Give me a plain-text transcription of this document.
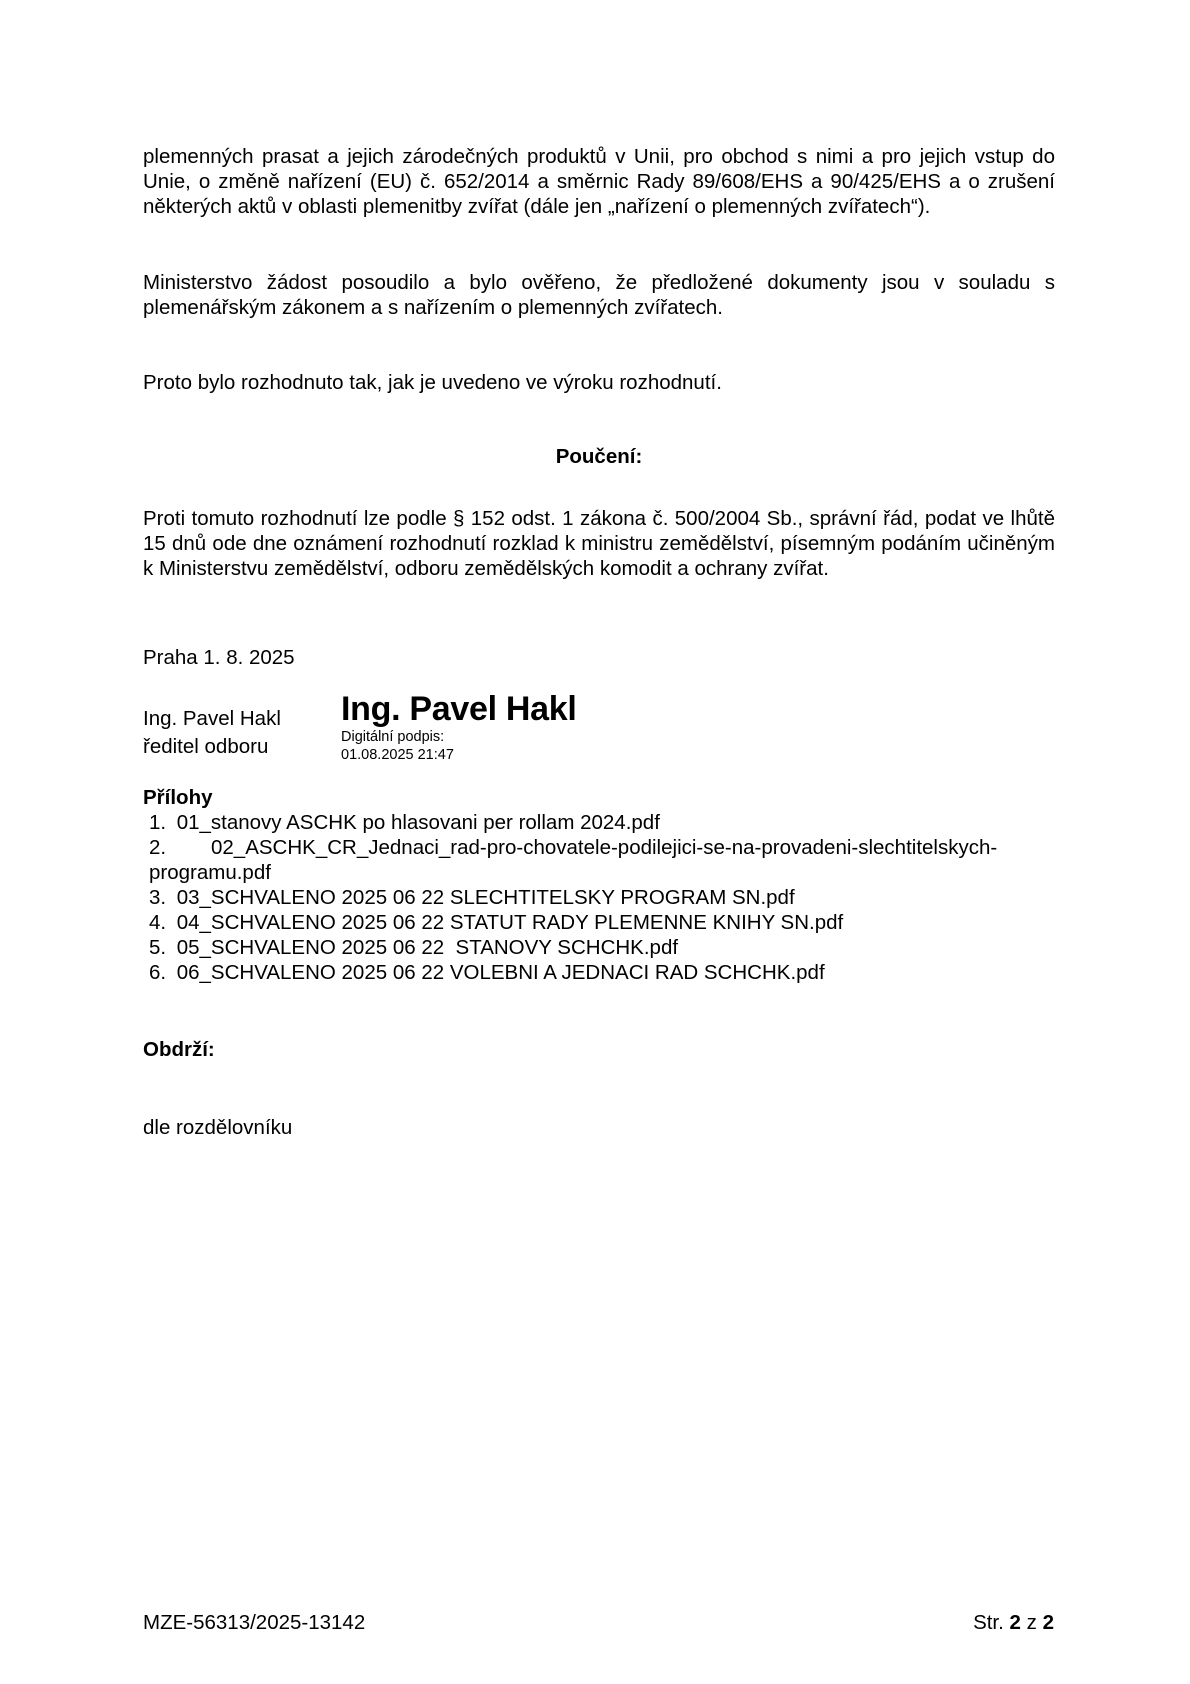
plemenných prasat a jejich zárodečných produktů v Unii, pro obchod s nimi a pro jejich vstup do Unie, o změně nařízení (EU) č. 652/2014 a směrnic Rady 89/608/EHS a 90/425/EHS a o zrušení některých aktů v oblasti plemenitby zvířat (dále jen „nařízení o plemenných zvířatech“).
Ministerstvo žádost posoudilo a bylo ověřeno, že předložené dokumenty jsou v souladu s plemenářským zákonem a s nařízením o plemenných zvířatech.
Proto bylo rozhodnuto tak, jak je uvedeno ve výroku rozhodnutí.
Poučení:
Proti tomuto rozhodnutí lze podle § 152 odst. 1 zákona č. 500/2004 Sb., správní řád, podat ve lhůtě 15 dnů ode dne oznámení rozhodnutí rozklad k ministru zemědělství, písemným podáním učiněným k Ministerstvu zemědělství, odboru zemědělských komodit a ochrany zvířat.
Praha 1. 8. 2025
Ing. Pavel Hakl
ředitel odboru
Ing. Pavel Hakl
Digitální podpis:
01.08.2025 21:47
Přílohy
1. 01_stanovy ASCHK po hlasovani per rollam 2024.pdf
2. 02_ASCHK_CR_Jednaci_rad-pro-chovatele-podilejici-se-na-provadeni-slechtitelskych-programu.pdf
3. 03_SCHVALENO 2025 06 22 SLECHTITELSKY PROGRAM SN.pdf
4. 04_SCHVALENO 2025 06 22 STATUT RADY PLEMENNE KNIHY SN.pdf
5. 05_SCHVALENO 2025 06 22  STANOVY SCHCHK.pdf
6. 06_SCHVALENO 2025 06 22 VOLEBNI A JEDNACI RAD SCHCHK.pdf
Obdrží:
dle rozdělovníku
MZE-56313/2025-13142	Str. 2 z 2
